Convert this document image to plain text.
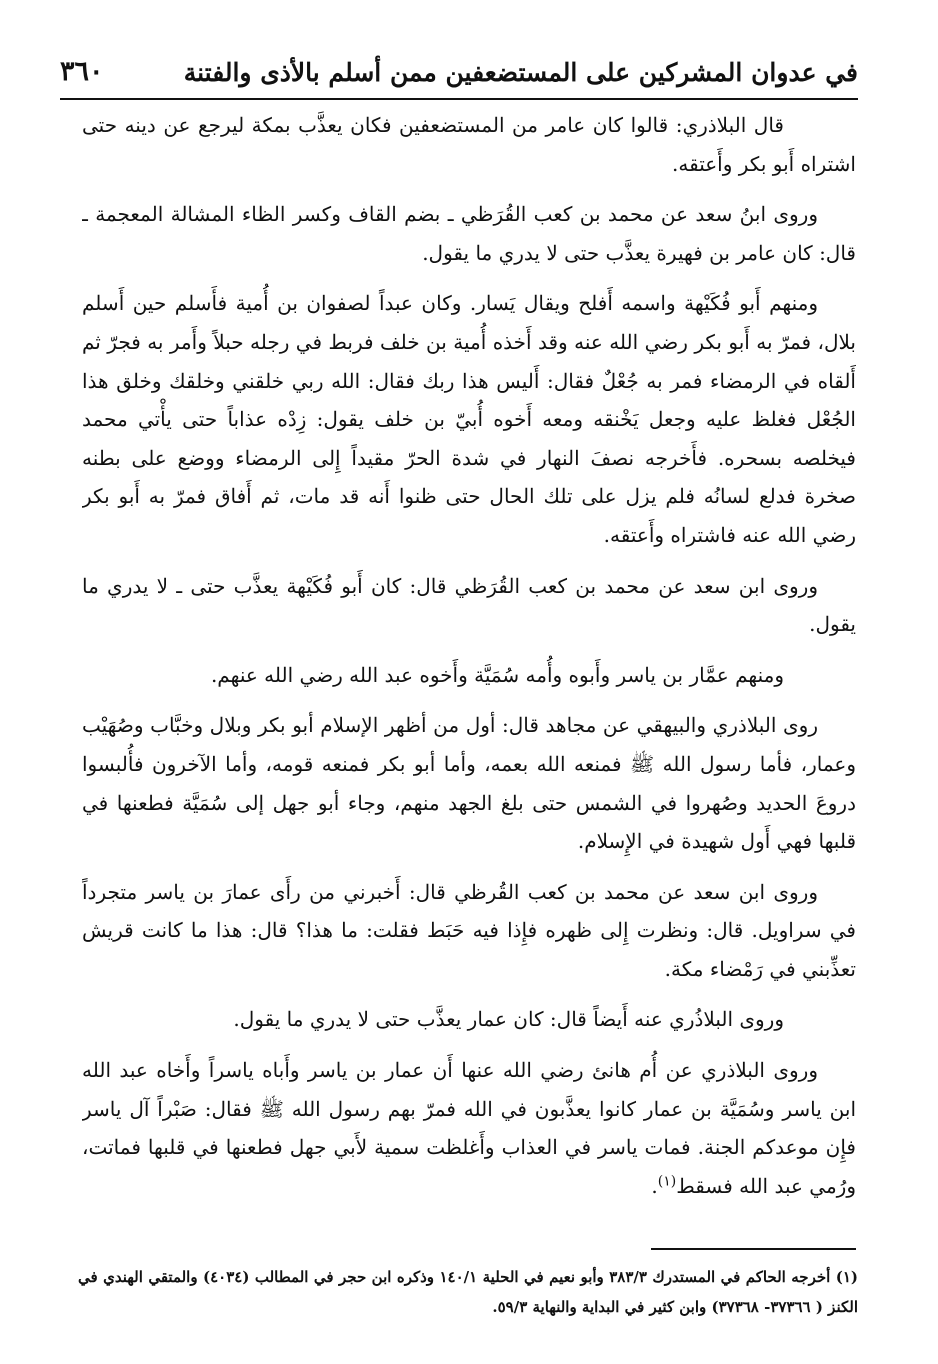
في عدوان المشركين على المستضعفين ممن أسلم بالأذى والفتنة
٣٦٠

قال البلاذري: قالوا كان عامر من المستضعفين فكان يعذَّب بمكة ليرجع عن دينه حتى اشتراه أَبو بكر وأَعتقه.

وروى ابنُ سعد عن محمد بن كعب القُرَظي ـ بضم القاف وكسر الظاء المشالة المعجمة ـ قال: كان عامر بن فهيرة يعذَّب حتى لا يدري ما يقول.

ومنهم أَبو فُكَيْهة واسمه أَفلح ويقال يَسار. وكان عبداً لصفوان بن أُمية فأَسلم حين أَسلم بلال، فمرّ به أَبو بكر رضي الله عنه وقد أَخذه أُمية بن خلف فربط في رجله حبلاً وأَمر به فجرّ ثم أَلقاه في الرمضاء فمر به جُعْلٌ فقال: أَليس هذا ربك فقال: الله ربي خلقني وخلقك وخلق هذا الجُعْل فغلظ عليه وجعل يَخْنقه ومعه أَخوه أُبيّ بن خلف يقول: زِدْه عذاباً حتى يأْتي محمد فيخلصه بسحره. فأَخرجه نصفَ النهار في شدة الحرّ مقيداً إِلى الرمضاء ووضع على بطنه صخرة فدلع لسانُه فلم يزل على تلك الحال حتى ظنوا أَنه قد مات، ثم أَفاق فمرّ به أَبو بكر رضي الله عنه فاشتراه وأَعتقه.

وروى ابن سعد عن محمد بن كعب القُرَظي قال: كان أَبو فُكَيْهة يعذَّب حتى ـ لا يدري ما يقول.

ومنهم عمَّار بن ياسر وأَبوه وأُمه سُمَيَّة وأَخوه عبد الله رضي الله عنهم.

روى البلاذري والبيهقي عن مجاهد قال: أول من أظهر الإسلام أبو بكر وبلال وخبَّاب وصُهَيْب وعمار، فأما رسول الله ﷺ فمنعه الله بعمه، وأما أبو بكر فمنعه قومه، وأما الآخرون فأُلبسوا دروعَ الحديد وصُهروا في الشمس حتى بلغ الجهد منهم، وجاء أبو جهل إلى سُمَيَّة فطعنها في قلبها فهي أَول شهيدة في الإِسلام.

وروى ابن سعد عن محمد بن كعب القُرظي قال: أَخبرني من رأَى عمارَ بن ياسر متجرداً في سراويل. قال: ونظرت إِلى ظهره فإِذا فيه حَبَط فقلت: ما هذا؟ قال: هذا ما كانت قريش تعذِّبني في رَمْضاء مكة.

وروى البلاذُري عنه أَيضاً قال: كان عمار يعذَّب حتى لا يدري ما يقول.

وروى البلاذري عن أُم هانئ رضي الله عنها أَن عمار بن ياسر وأَباه ياسراً وأَخاه عبد الله ابن ياسر وسُمَيَّة بن عمار كانوا يعذَّبون في الله فمرّ بهم رسول الله ﷺ فقال: صَبْراً آل ياسر فإِن موعدكم الجنة. فمات ياسر في العذاب وأَغلظت سمية لأَبي جهل فطعنها في قلبها فماتت، ورُمي عبد الله فسقط$^{(١)}$.

(١) أخرجه الحاكم في المستدرك ٣٨٣/٣ وأبو نعيم في الحلية ١٤٠/١ وذكره ابن حجر في المطالب (٤٠٣٤) والمتقي الهندي في الكنز ( ٣٧٣٦٦- ٣٧٣٦٨) وابن كثير في البداية والنهاية ٥٩/٣.
